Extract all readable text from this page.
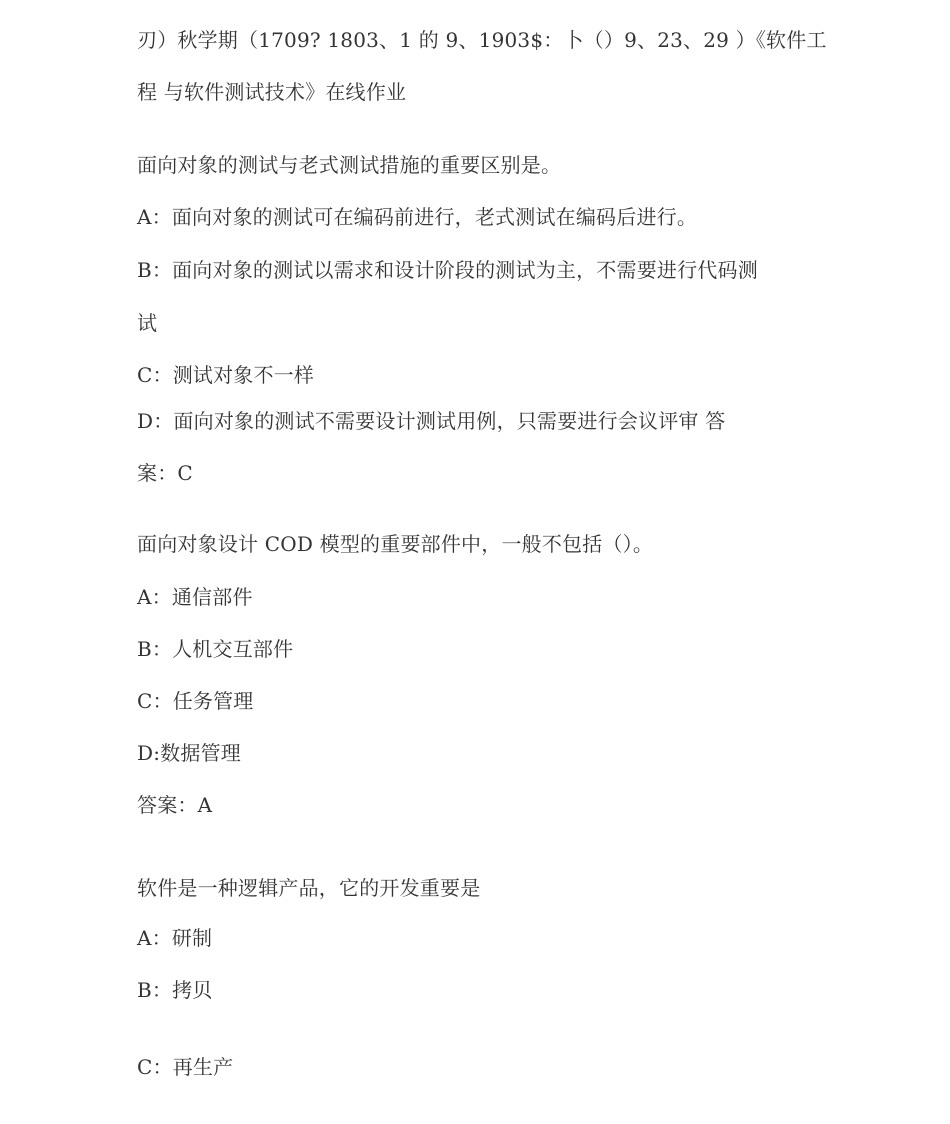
刃）秋学期（1709? 1803、1 的 9、1903$：卜（）9、23、29 ）《软件工
程 与软件测试技术》在线作业
面向对象的测试与老式测试措施的重要区别是。
A：面向对象的测试可在编码前进行，老式测试在编码后进行。
B：面向对象的测试以需求和设计阶段的测试为主，不需要进行代码测
试
C：测试对象不一样
D：面向对象的测试不需要设计测试用例，只需要进行会议评审 答
案：C
面向对象设计 COD 模型的重要部件中，一般不包括（）。
A：通信部件
B：人机交互部件
C：任务管理
D:数据管理
答案：A
软件是一种逻辑产品，它的开发重要是
A：研制
B：拷贝
C：再生产
